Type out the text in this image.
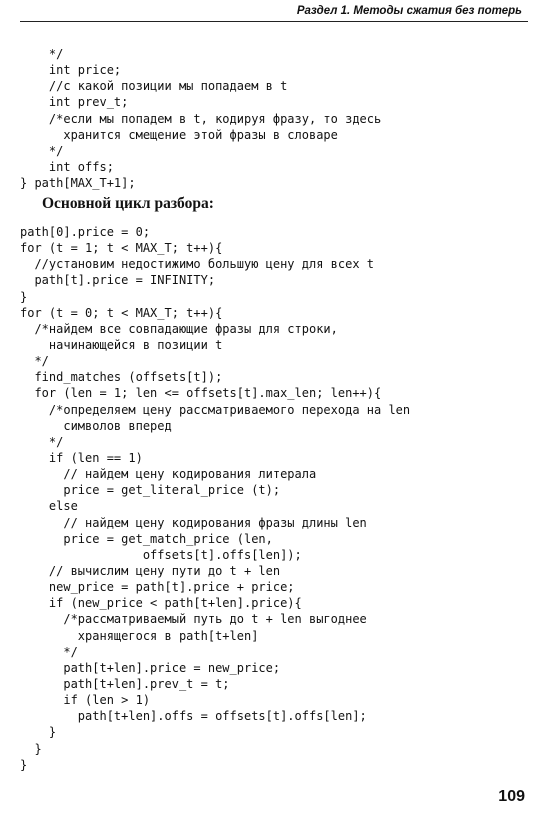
Раздел 1. Методы сжатия без потерь
*/
int price;
//с какой позиции мы попадаем в t
int prev_t;
/*если мы попадем в t, кодируя фразу, то здесь
хранится смещение этой фразы в словаре
*/
int offs;
} path[MAX_T+1];
Основной цикл разбора:
path[0].price = 0;
for (t = 1; t < MAX_T; t++){
//установим недостижимо большую цену для всех t
path[t].price = INFINITY;
}
for (t = 0; t < MAX_T; t++){
/*найдем все совпадающие фразы для строки,
начинающейся в позиции t
*/
find_matches (offsets[t]);
for (len = 1; len <= offsets[t].max_len; len++){
/*определяем цену рассматриваемого перехода на len
символов вперед
*/
if (len == 1)
// найдем цену кодирования литерала
price = get_literal_price (t);
else
// найдем цену кодирования фразы длины len
price = get_match_price (len,
offsets[t].offs[len]);
// вычислим цену пути до t + len
new_price = path[t].price + price;
if (new_price < path[t+len].price){
/*рассматриваемый путь до t + len выгоднее
хранящегося в path[t+len]
*/
path[t+len].price = new_price;
path[t+len].prev_t = t;
if (len > 1)
path[t+len].offs = offsets[t].offs[len];
}
}
}
109
